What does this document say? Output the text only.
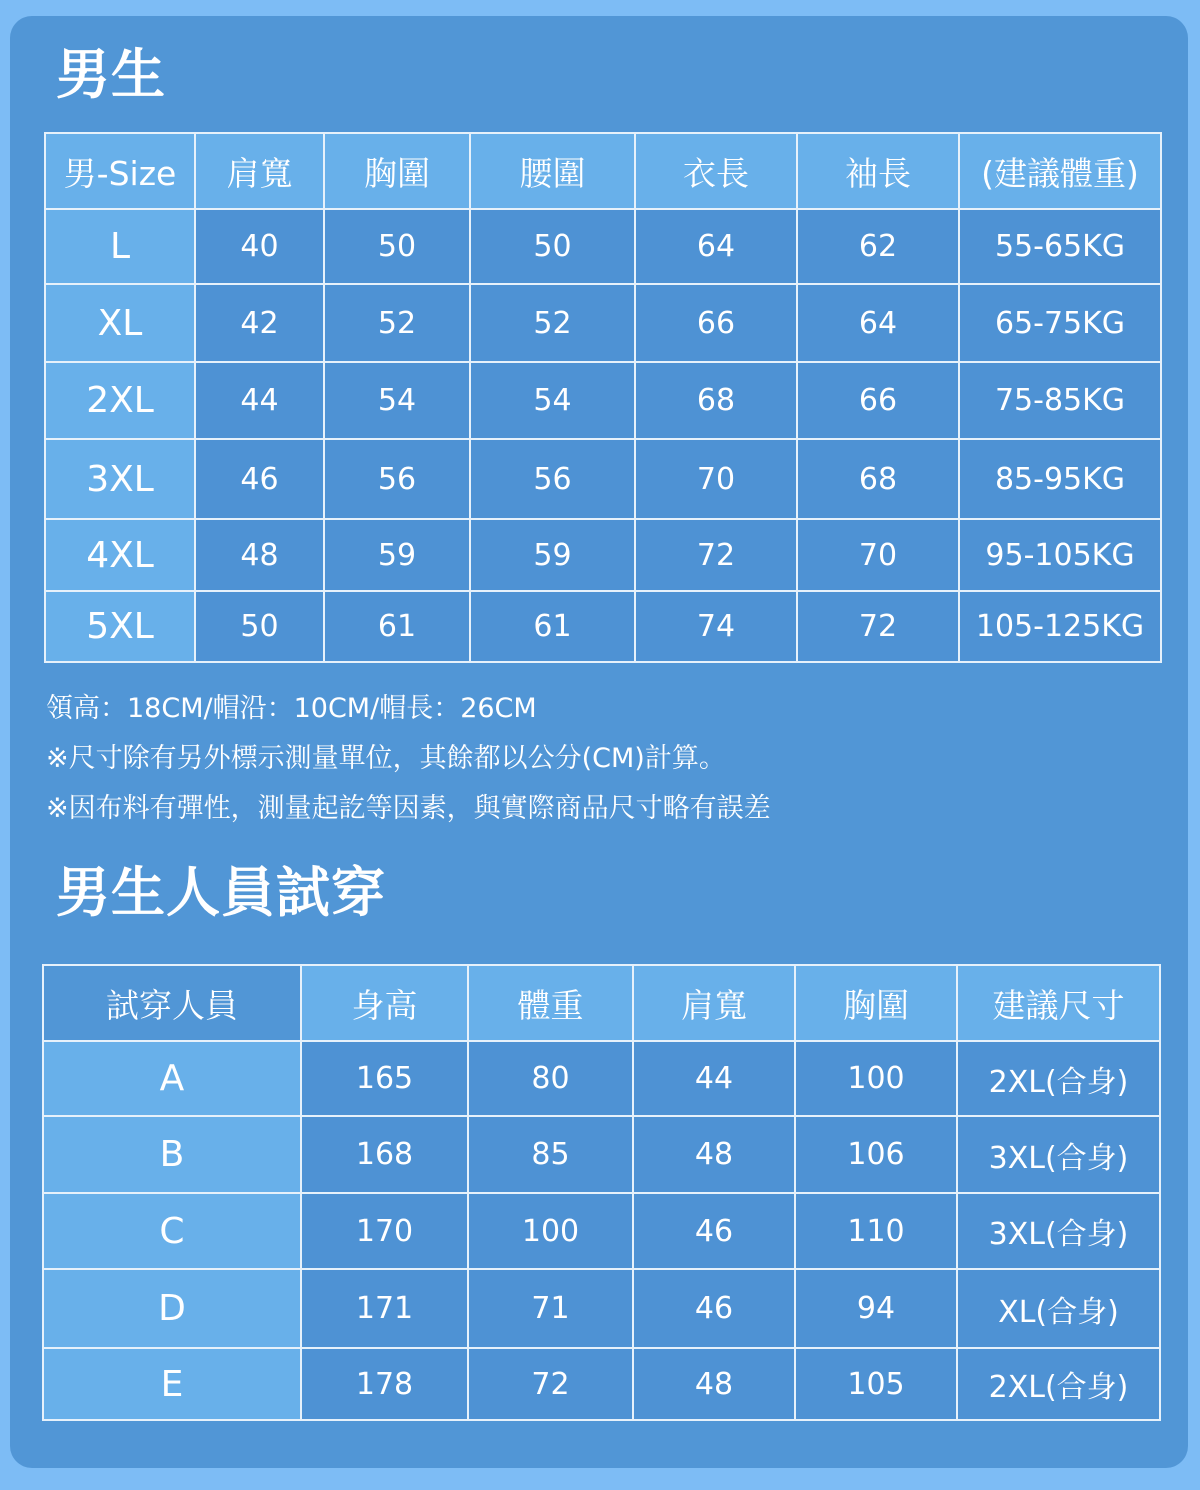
男生
男-Size	肩寬	胸圍	腰圍	衣長	袖長	(建議體重)
L	40	50	50	64	62	55-65KG
XL	42	52	52	66	64	65-75KG
2XL	44	54	54	68	66	75-85KG
3XL	46	56	56	70	68	85-95KG
4XL	48	59	59	72	70	95-105KG
5XL	50	61	61	74	72	105-125KG
領高：18CM/帽沿：10CM/帽長：26CM
※尺寸除有另外標示測量單位，其餘都以公分(CM)計算。
※因布料有彈性，測量起訖等因素，與實際商品尺寸略有誤差
男生人員試穿
試穿人員	身高	體重	肩寬	胸圍	建議尺寸
A	165	80	44	100	2XL(合身)
B	168	85	48	106	3XL(合身)
C	170	100	46	110	3XL(合身)
D	171	71	46	94	XL(合身)
E	178	72	48	105	2XL(合身)
